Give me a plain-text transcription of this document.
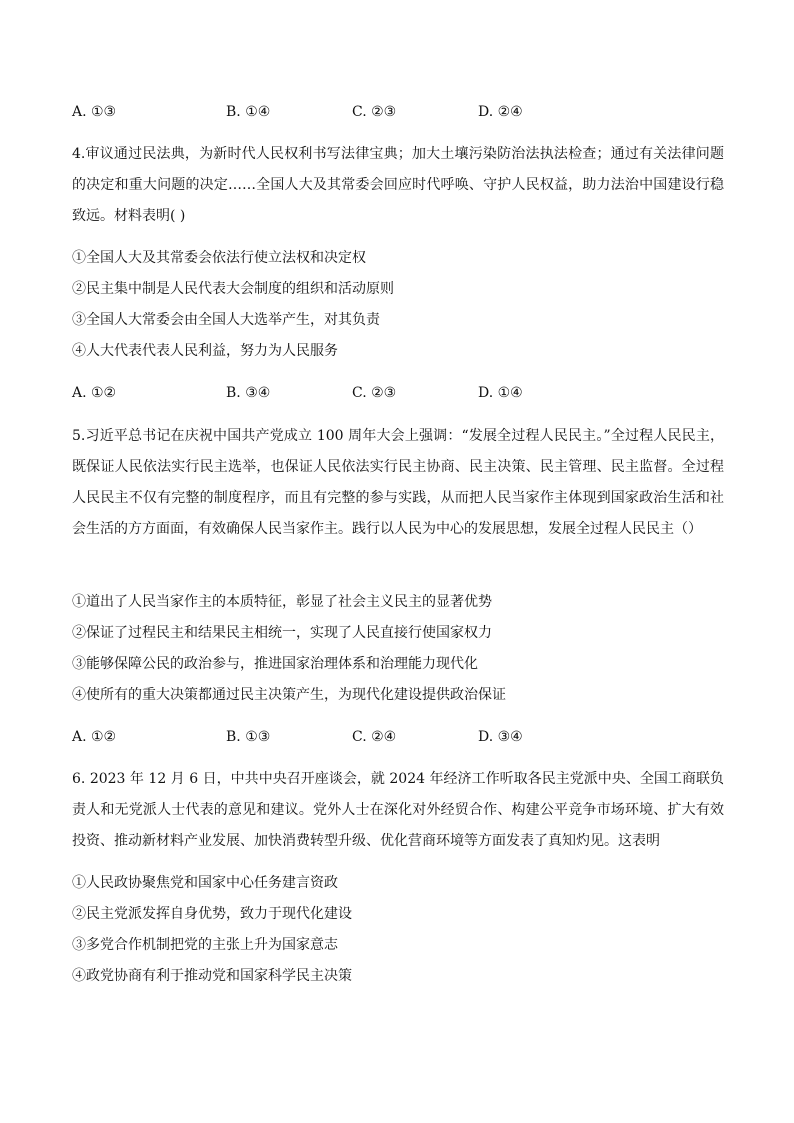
A. ①③	B. ①④	C. ②③	D. ②④
4.审议通过民法典，为新时代人民权利书写法律宝典；加大土壤污染防治法执法检查；通过有关法律问题的决定和重大问题的决定……全国人大及其常委会回应时代呼唤、守护人民权益，助力法治中国建设行稳致远。材料表明( )
①全国人大及其常委会依法行使立法权和决定权
②民主集中制是人民代表大会制度的组织和活动原则
③全国人大常委会由全国人大选举产生，对其负责
④人大代表代表人民利益，努力为人民服务
A. ①②	B. ③④	C. ②③	D. ①④
5.习近平总书记在庆祝中国共产党成立 100 周年大会上强调：“发展全过程人民民主。”全过程人民民主，既保证人民依法实行民主选举，也保证人民依法实行民主协商、民主决策、民主管理、民主监督。全过程人民民主不仅有完整的制度程序，而且有完整的参与实践，从而把人民当家作主体现到国家政治生活和社会生活的方方面面，有效确保人民当家作主。践行以人民为中心的发展思想，发展全过程人民民主（）
①道出了人民当家作主的本质特征，彰显了社会主义民主的显著优势
②保证了过程民主和结果民主相统一，实现了人民直接行使国家权力
③能够保障公民的政治参与，推进国家治理体系和治理能力现代化
④使所有的重大决策都通过民主决策产生，为现代化建设提供政治保证
A. ①②	B. ①③	C. ②④	D. ③④
6. 2023 年 12 月 6 日，中共中央召开座谈会，就 2024 年经济工作听取各民主党派中央、全国工商联负责人和无党派人士代表的意见和建议。党外人士在深化对外经贸合作、构建公平竞争市场环境、扩大有效投资、推动新材料产业发展、加快消费转型升级、优化营商环境等方面发表了真知灼见。这表明
①人民政协聚焦党和国家中心任务建言资政
②民主党派发挥自身优势，致力于现代化建设
③多党合作机制把党的主张上升为国家意志
④政党协商有利于推动党和国家科学民主决策
